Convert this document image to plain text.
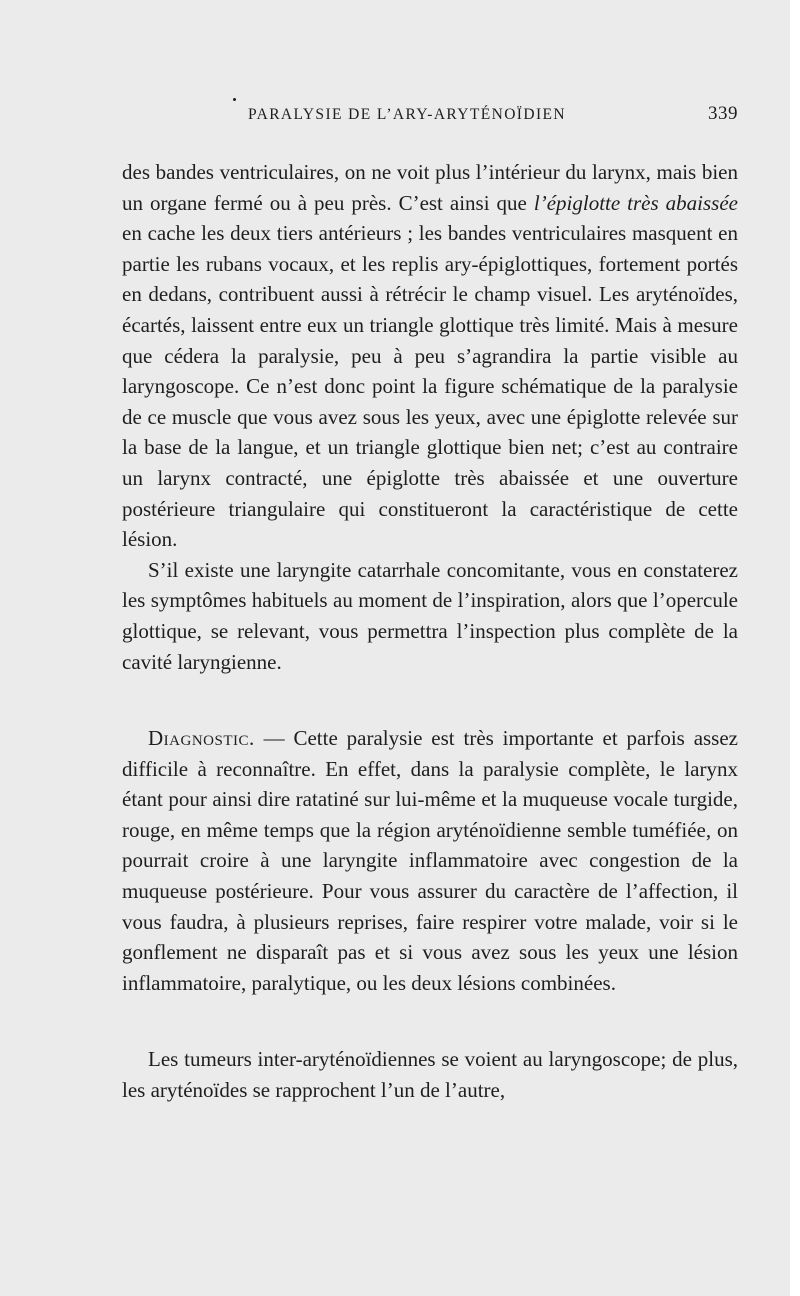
PARALYSIE DE L’ARY-ARYTÉNOÏDIEN	339

des bandes ventriculaires, on ne voit plus l’intérieur du larynx, mais bien un organe fermé ou à peu près. C’est ainsi que l’épiglotte très abaissée en cache les deux tiers antérieurs ; les bandes ventriculaires masquent en partie les rubans vocaux, et les replis ary-épiglottiques, fortement portés en dedans, contribuent aussi à rétrécir le champ visuel. Les aryténoïdes, écartés, laissent entre eux un triangle glottique très limité. Mais à mesure que cédera la paralysie, peu à peu s’agrandira la partie visible au laryngoscope. Ce n’est donc point la figure schématique de la paralysie de ce muscle que vous avez sous les yeux, avec une épiglotte relevée sur la base de la langue, et un triangle glottique bien net; c’est au contraire un larynx contracté, une épiglotte très abaissée et une ouverture postérieure triangulaire qui constitueront la caractéristique de cette lésion.

S’il existe une laryngite catarrhale concomitante, vous en constaterez les symptômes habituels au moment de l’inspiration, alors que l’opercule glottique, se relevant, vous permettra l’inspection plus complète de la cavité laryngienne.

Diagnostic. — Cette paralysie est très importante et parfois assez difficile à reconnaître. En effet, dans la paralysie complète, le larynx étant pour ainsi dire ratatiné sur lui-même et la muqueuse vocale turgide, rouge, en même temps que la région aryténoïdienne semble tuméfiée, on pourrait croire à une laryngite inflammatoire avec congestion de la muqueuse postérieure. Pour vous assurer du caractère de l’affection, il vous faudra, à plusieurs reprises, faire respirer votre malade, voir si le gonflement ne disparaît pas et si vous avez sous les yeux une lésion inflammatoire, paralytique, ou les deux lésions combinées.

Les tumeurs inter-aryténoïdiennes se voient au laryngoscope; de plus, les aryténoïdes se rapprochent l’un de l’autre,
